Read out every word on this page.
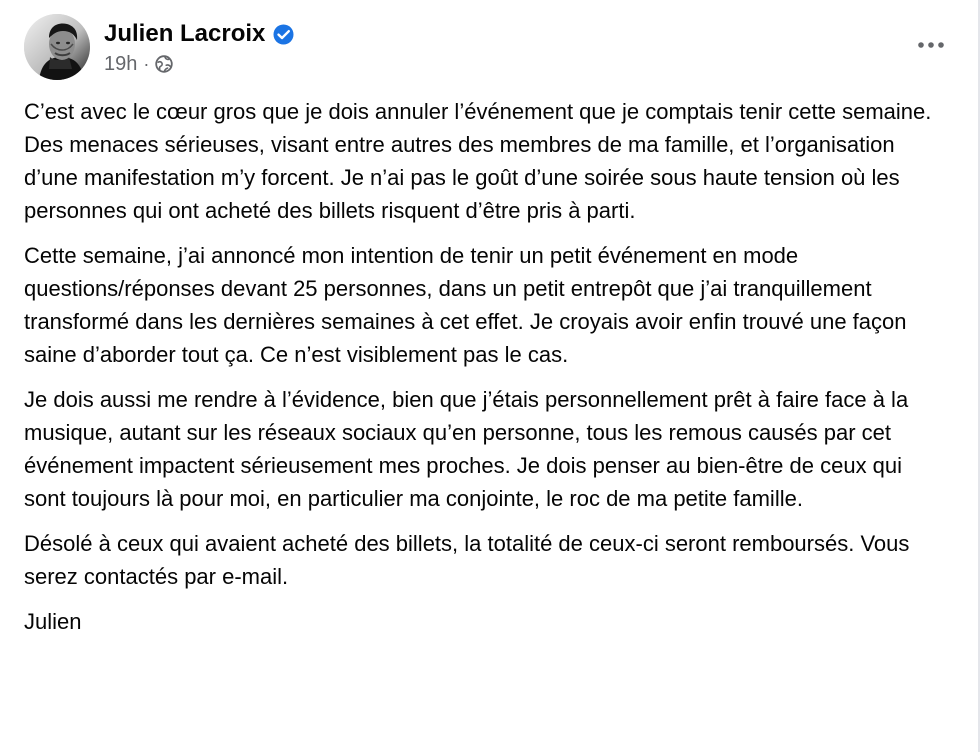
Julien Lacroix
19h ·

C’est avec le cœur gros que je dois annuler l’événement que je comptais tenir cette semaine. Des menaces sérieuses, visant entre autres des membres de ma famille, et l’organisation d’une manifestation m’y forcent. Je n’ai pas le goût d’une soirée sous haute tension où les personnes qui ont acheté des billets risquent d’être pris à parti.

Cette semaine, j’ai annoncé mon intention de tenir un petit événement en mode questions/réponses devant 25 personnes, dans un petit entrepôt que j’ai tranquillement transformé dans les dernières semaines à cet effet. Je croyais avoir enfin trouvé une façon saine d’aborder tout ça. Ce n’est visiblement pas le cas.

Je dois aussi me rendre à l’évidence, bien que j’étais personnellement prêt à faire face à la musique, autant sur les réseaux sociaux qu’en personne, tous les remous causés par cet événement impactent sérieusement mes proches. Je dois penser au bien-être de ceux qui sont toujours là pour moi, en particulier ma conjointe, le roc de ma petite famille.

Désolé à ceux qui avaient acheté des billets, la totalité de ceux-ci seront remboursés. Vous serez contactés par e-mail.

Julien
